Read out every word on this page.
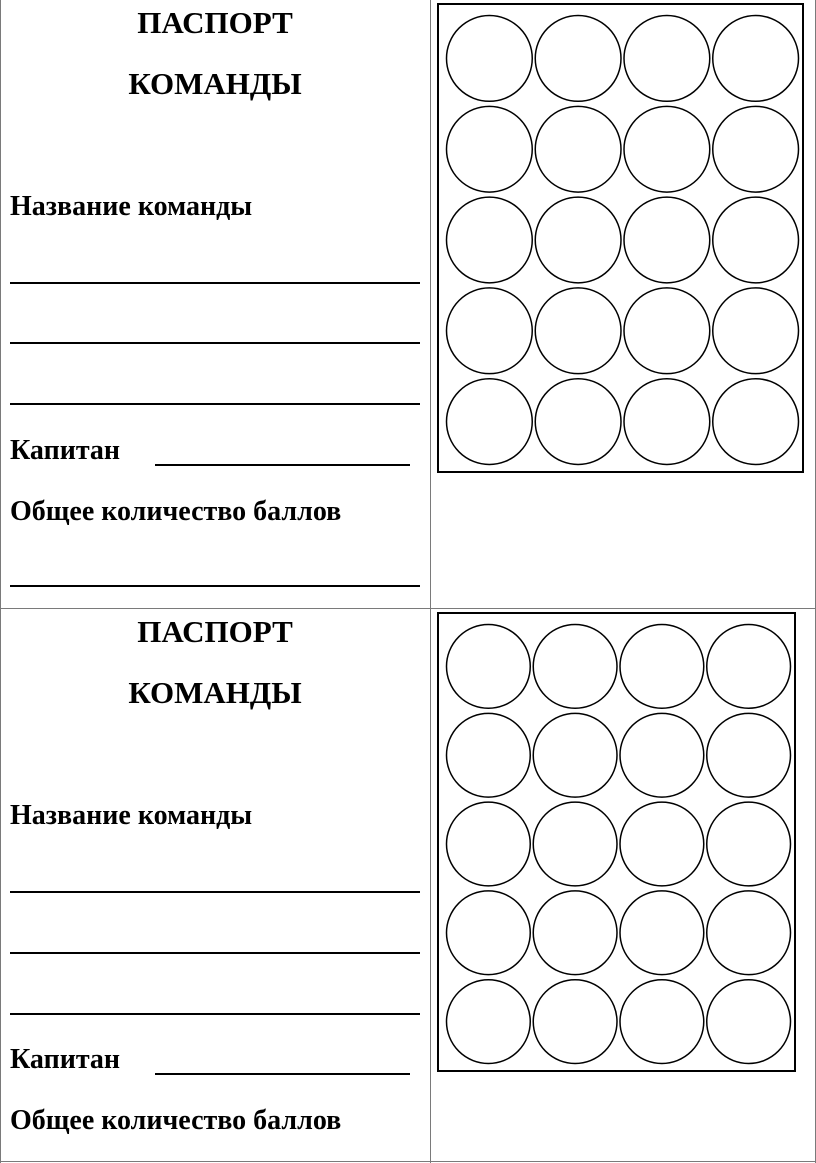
ПАСПОРТ
КОМАНДЫ
Название команды
Капитан
Общее количество баллов
ПАСПОРТ
КОМАНДЫ
Название команды
Капитан
Общее количество баллов
